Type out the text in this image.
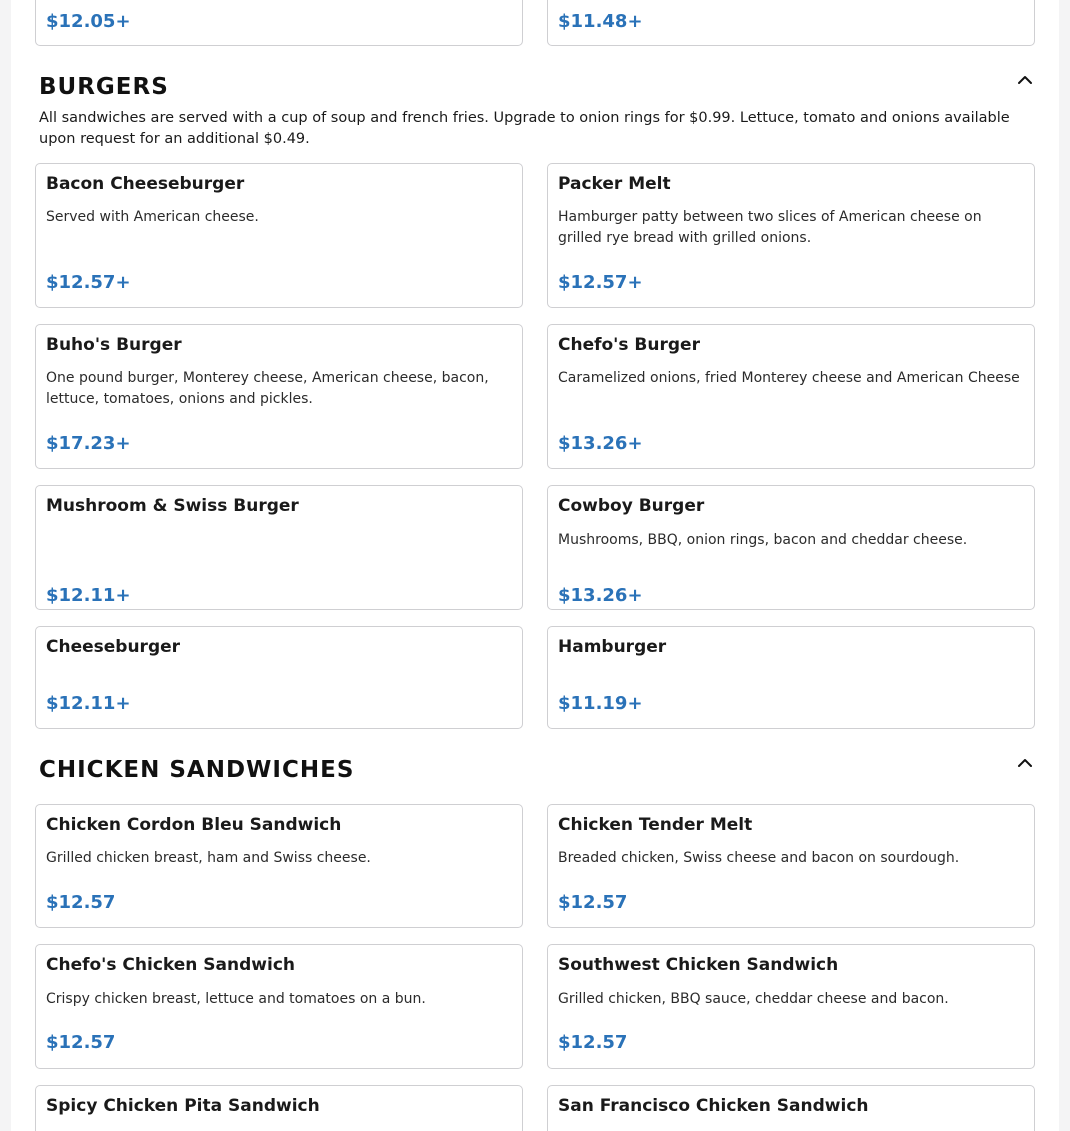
$12.05+	$11.48+
BURGERS
All sandwiches are served with a cup of soup and french fries. Upgrade to onion rings for $0.99. Lettuce, tomato and onions available upon request for an additional $0.49.
Bacon Cheeseburger
Served with American cheese.
$12.57+
Packer Melt
Hamburger patty between two slices of American cheese on grilled rye bread with grilled onions.
$12.57+
Buho's Burger
One pound burger, Monterey cheese, American cheese, bacon, lettuce, tomatoes, onions and pickles.
$17.23+
Chefo's Burger
Caramelized onions, fried Monterey cheese and American Cheese
$13.26+
Mushroom & Swiss Burger
$12.11+
Cowboy Burger
Mushrooms, BBQ, onion rings, bacon and cheddar cheese.
$13.26+
Cheeseburger
$12.11+
Hamburger
$11.19+
CHICKEN SANDWICHES
Chicken Cordon Bleu Sandwich
Grilled chicken breast, ham and Swiss cheese.
$12.57
Chicken Tender Melt
Breaded chicken, Swiss cheese and bacon on sourdough.
$12.57
Chefo's Chicken Sandwich
Crispy chicken breast, lettuce and tomatoes on a bun.
$12.57
Southwest Chicken Sandwich
Grilled chicken, BBQ sauce, cheddar cheese and bacon.
$12.57
Spicy Chicken Pita Sandwich	San Francisco Chicken Sandwich
